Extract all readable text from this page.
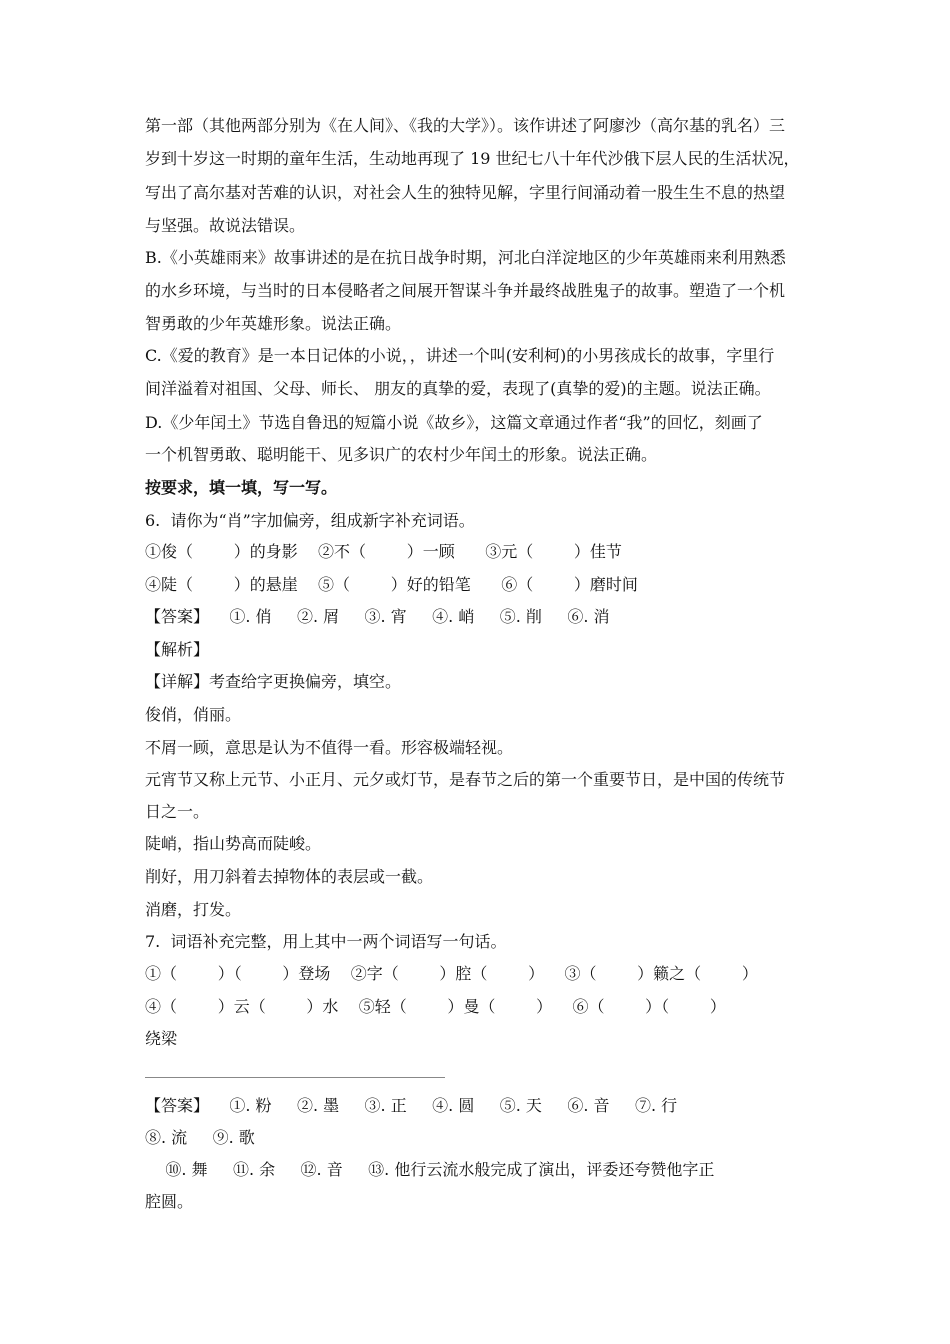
第一部（其他两部分别为《在人间》、《我的大学》）。该作讲述了阿廖沙（高尔基的乳名）三
岁到十岁这一时期的童年生活，生动地再现了 19 世纪七八十年代沙俄下层人民的生活状况，
写出了高尔基对苦难的认识，对社会人生的独特见解，字里行间涌动着一股生生不息的热望
与坚强。故说法错误。
B.《小英雄雨来》故事讲述的是在抗日战争时期，河北白洋淀地区的少年英雄雨来利用熟悉
的水乡环境，与当时的日本侵略者之间展开智谋斗争并最终战胜鬼子的故事。塑造了一个机
智勇敢的少年英雄形象。说法正确。
C.《爱的教育》是一本日记体的小说，，讲述一个叫(安利柯)的小男孩成长的故事，字里行
间洋溢着对祖国、父母、师长、 朋友的真挚的爱，表现了(真挚的爱)的主题。说法正确。
D.《少年闰土》节选自鲁迅的短篇小说《故乡》，这篇文章通过作者“我”的回忆，刻画了
一个机智勇敢、聪明能干、见多识广的农村少年闰土的形象。说法正确。
按要求，填一填，写一写。
6.  请你为“肖”字加偏旁，组成新字补充词语。
①俊（        ）的身影    ②不（        ）一顾      ③元（        ）佳节
④陡（        ）的悬崖    ⑤（        ）好的铅笔      ⑥（        ）磨时间
【答案】    ①. 俏     ②. 屑     ③. 宵     ④. 峭     ⑤. 削     ⑥. 消
【解析】
【详解】考查给字更换偏旁，填空。
俊俏，俏丽。
不屑一顾，意思是认为不值得一看。形容极端轻视。
元宵节又称上元节、小正月、元夕或灯节，是春节之后的第一个重要节日，是中国的传统节
日之一。
陡峭，指山势高而陡峻。
削好，用刀斜着去掉物体的表层或一截。
消磨，打发。
7.  词语补充完整，用上其中一两个词语写一句话。
①（        ）（        ）登场    ②字（        ）腔（        ）    ③（        ）籁之（        ）
④（        ）云（        ）水    ⑤轻（        ）曼（        ）    ⑥（        ）（        ）
绕梁
【答案】    ①. 粉     ②. 墨     ③. 正     ④. 圆     ⑤. 天     ⑥. 音     ⑦. 行
⑧. 流     ⑨. 歌
⑩. 舞     ⑪. 余     ⑫. 音     ⑬. 他行云流水般完成了演出，评委还夸赞他字正
腔圆。
